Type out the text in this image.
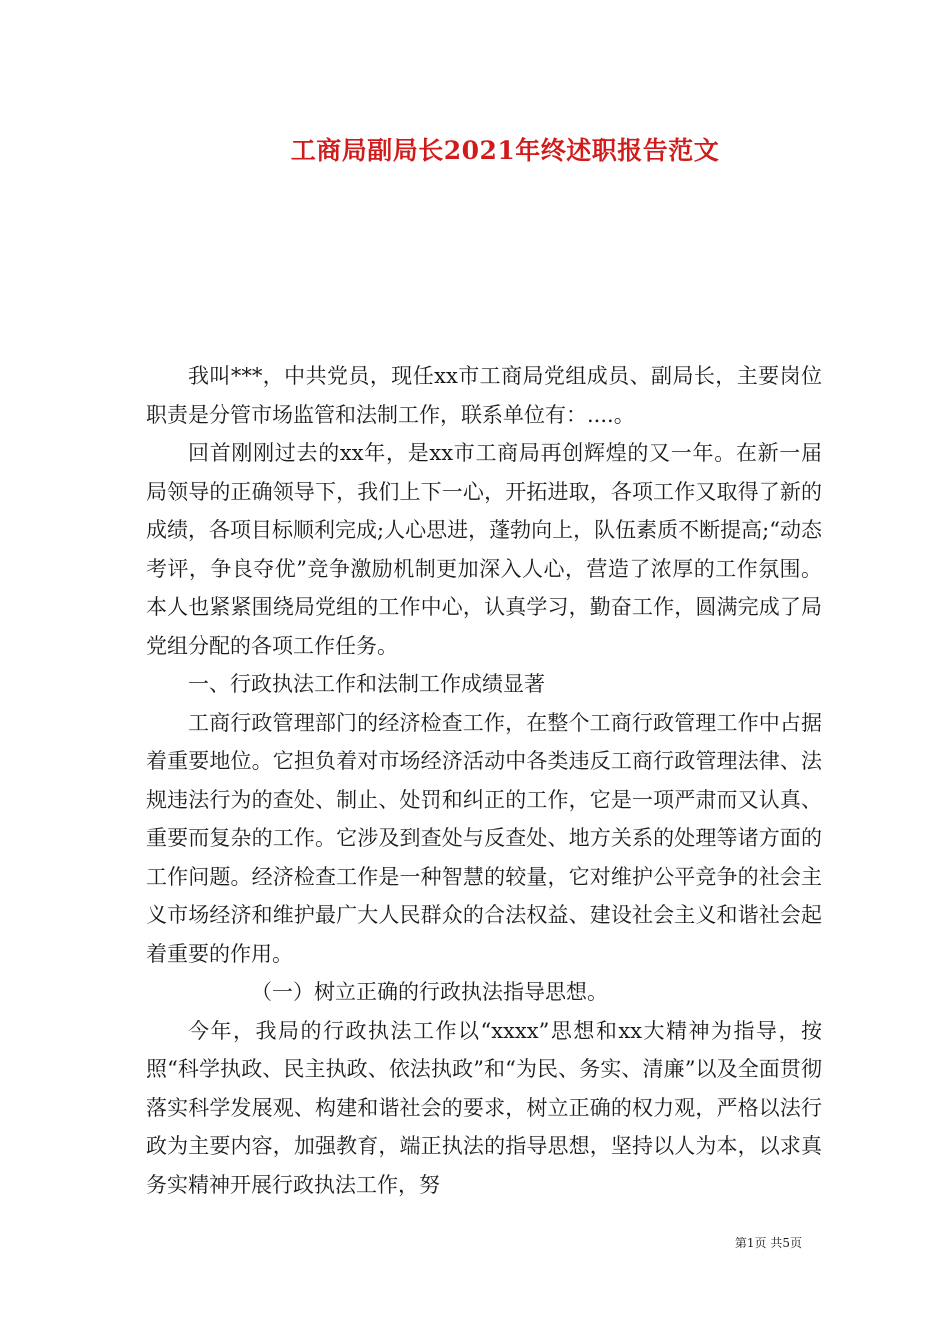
工商局副局长2021年终述职报告范文

我叫***，中共党员，现任xx市工商局党组成员、副局长，主要岗位职责是分管市场监管和法制工作，联系单位有：....。

回首刚刚过去的xx年，是xx市工商局再创辉煌的又一年。在新一届局领导的正确领导下，我们上下一心，开拓进取，各项工作又取得了新的成绩，各项目标顺利完成;人心思进，蓬勃向上，队伍素质不断提高;“动态考评，争良夺优”竞争激励机制更加深入人心，营造了浓厚的工作氛围。本人也紧紧围绕局党组的工作中心，认真学习，勤奋工作，圆满完成了局党组分配的各项工作任务。

一、行政执法工作和法制工作成绩显著

工商行政管理部门的经济检查工作，在整个工商行政管理工作中占据着重要地位。它担负着对市场经济活动中各类违反工商行政管理法律、法规违法行为的查处、制止、处罚和纠正的工作，它是一项严肃而又认真、重要而复杂的工作。它涉及到查处与反查处、地方关系的处理等诸方面的工作问题。经济检查工作是一种智慧的较量，它对维护公平竞争的社会主义市场经济和维护最广大人民群众的合法权益、建设社会主义和谐社会起着重要的作用。

（一）树立正确的行政执法指导思想。

今年，我局的行政执法工作以“xxxx”思想和xx大精神为指导，按照“科学执政、民主执政、依法执政”和“为民、务实、清廉”以及全面贯彻落实科学发展观、构建和谐社会的要求，树立正确的权力观，严格以法行政为主要内容，加强教育，端正执法的指导思想，坚持以人为本，以求真务实精神开展行政执法工作，努

第1页 共5页
